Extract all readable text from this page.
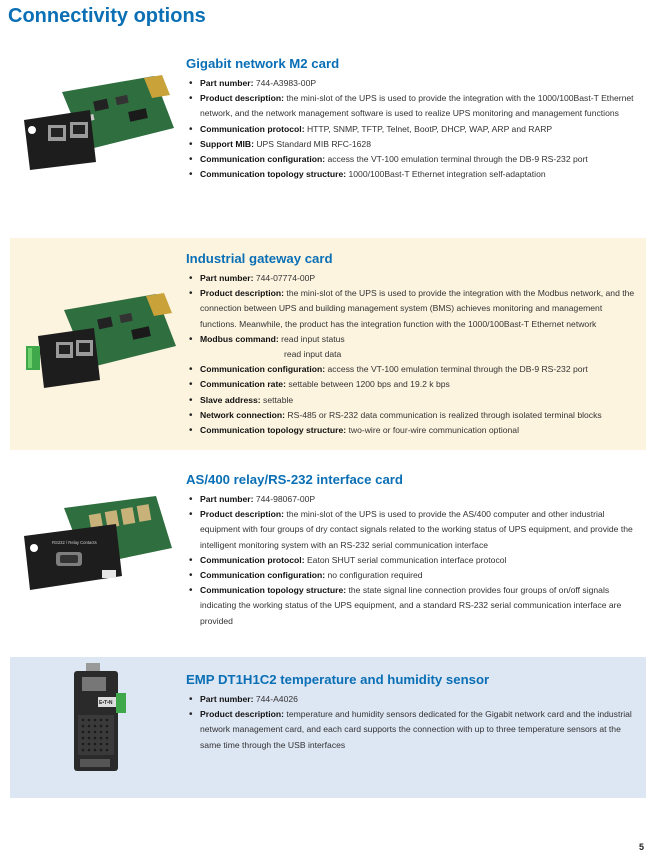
Connectivity options
Gigabit network M2 card
• Part number: 744-A3983-00P
• Product description: the mini-slot of the UPS is used to provide the integration with the 1000/100Bast-T Ethernet network, and the network management software is used to realize UPS monitoring and management functions
• Communication protocol: HTTP, SNMP, TFTP, Telnet, BootP, DHCP, WAP, ARP and RARP
• Support MIB: UPS Standard MIB RFC-1628
• Communication configuration: access the VT-100 emulation terminal through the DB-9 RS-232 port
• Communication topology structure: 1000/100Bast-T Ethernet integration self-adaptation
Industrial gateway card
• Part number: 744-07774-00P
• Product description: the mini-slot of the UPS is used to provide the integration with the Modbus network, and the connection between UPS and building management system (BMS) achieves monitoring and management functions. Meanwhile, the product has the integration function with the 1000/100Bast-T Ethernet network
• Modbus command: read input status
read input data
• Communication configuration: access the VT-100 emulation terminal through the DB-9 RS-232 port
• Communication rate: settable between 1200 bps and 19.2 k bps
• Slave address: settable
• Network connection: RS-485 or RS-232 data communication is realized through isolated terminal blocks
• Communication topology structure: two-wire or four-wire communication optional
RS232 / Relay Contacts
AS/400 relay/RS-232 interface card
• Part number: 744-98067-00P
• Product description: the mini-slot of the UPS is used to provide the AS/400 computer and other industrial equipment with four groups of dry contact signals related to the working status of UPS equipment, and provide the intelligent monitoring system with an RS-232 serial communication interface
• Communication protocol: Eaton SHUT serial communication interface protocol
• Communication configuration: no configuration required
• Communication topology structure: the state signal line connection provides four groups of on/off signals indicating the working status of the UPS equipment, and a standard RS-232 serial communication interface are provided
E•T•N
EMP DT1H1C2 temperature and humidity sensor
• Part number: 744-A4026
• Product description: temperature and humidity sensors dedicated for the Gigabit network card and the industrial network management card, and each card supports the connection with up to three temperature sensors at the same time through the USB interfaces
5
